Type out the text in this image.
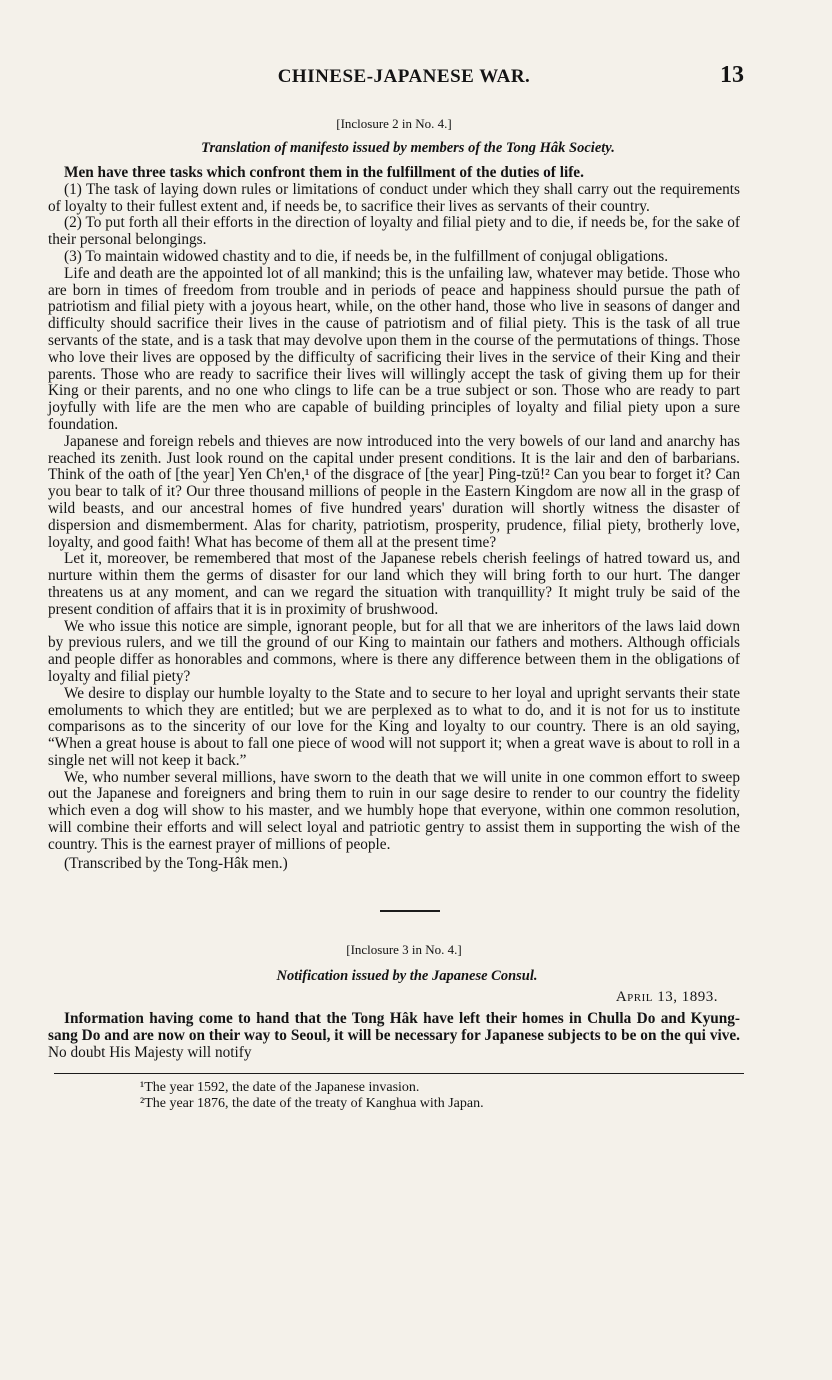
CHINESE-JAPANESE WAR.	13
[Inclosure 2 in No. 4.]
Translation of manifesto issued by members of the Tong Hâk Society.

Men have three tasks which confront them in the fulfillment of the duties of life.

(1) The task of laying down rules or limitations of conduct under which they shall carry out the requirements of loyalty to their fullest extent and, if needs be, to sacrifice their lives as servants of their country.

(2) To put forth all their efforts in the direction of loyalty and filial piety and to die, if needs be, for the sake of their personal belongings.

(3) To maintain widowed chastity and to die, if needs be, in the fulfillment of conjugal obligations.

Life and death are the appointed lot of all mankind; this is the unfailing law, whatever may betide. Those who are born in times of freedom from trouble and in periods of peace and happiness should pursue the path of patriotism and filial piety with a joyous heart, while, on the other hand, those who live in seasons of danger and difficulty should sacrifice their lives in the cause of patriotism and of filial piety. This is the task of all true servants of the state, and is a task that may devolve upon them in the course of the permutations of things. Those who love their lives are opposed by the difficulty of sacrificing their lives in the service of their King and their parents. Those who are ready to sacrifice their lives will willingly accept the task of giving them up for their King or their parents, and no one who clings to life can be a true subject or son. Those who are ready to part joyfully with life are the men who are capable of building principles of loyalty and filial piety upon a sure foundation.

Japanese and foreign rebels and thieves are now introduced into the very bowels of our land and anarchy has reached its zenith. Just look round on the capital under present conditions. It is the lair and den of barbarians. Think of the oath of [the year] Yen Ch'en,¹ of the disgrace of [the year] Ping-tzŭ!² Can you bear to forget it? Can you bear to talk of it? Our three thousand millions of people in the Eastern Kingdom are now all in the grasp of wild beasts, and our ancestral homes of five hundred years' duration will shortly witness the disaster of dispersion and dismemberment. Alas for charity, patriotism, prosperity, prudence, filial piety, brotherly love, loyalty, and good faith! What has become of them all at the present time?

Let it, moreover, be remembered that most of the Japanese rebels cherish feelings of hatred toward us, and nurture within them the germs of disaster for our land which they will bring forth to our hurt. The danger threatens us at any moment, and can we regard the situation with tranquillity? It might truly be said of the present condition of affairs that it is in proximity of brushwood.

We who issue this notice are simple, ignorant people, but for all that we are inheritors of the laws laid down by previous rulers, and we till the ground of our King to maintain our fathers and mothers. Although officials and people differ as honorables and commons, where is there any difference between them in the obligations of loyalty and filial piety?

We desire to display our humble loyalty to the State and to secure to her loyal and upright servants their state emoluments to which they are entitled; but we are perplexed as to what to do, and it is not for us to institute comparisons as to the sincerity of our love for the King and loyalty to our country. There is an old saying, “When a great house is about to fall one piece of wood will not support it; when a great wave is about to roll in a single net will not keep it back.”

We, who number several millions, have sworn to the death that we will unite in one common effort to sweep out the Japanese and foreigners and bring them to ruin in our sage desire to render to our country the fidelity which even a dog will show to his master, and we humbly hope that everyone, within one common resolution, will combine their efforts and will select loyal and patriotic gentry to assist them in supporting the wish of the country. This is the earnest prayer of millions of people.

(Transcribed by the Tong-Hâk men.)
[Inclosure 3 in No. 4.]
Notification issued by the Japanese Consul.
April 13, 1893.

Information having come to hand that the Tong Hâk have left their homes in Chulla Do and Kyung-sang Do and are now on their way to Seoul, it will be necessary for Japanese subjects to be on the qui vive. No doubt His Majesty will notify

¹The year 1592, the date of the Japanese invasion.
²The year 1876, the date of the treaty of Kanghua with Japan.
